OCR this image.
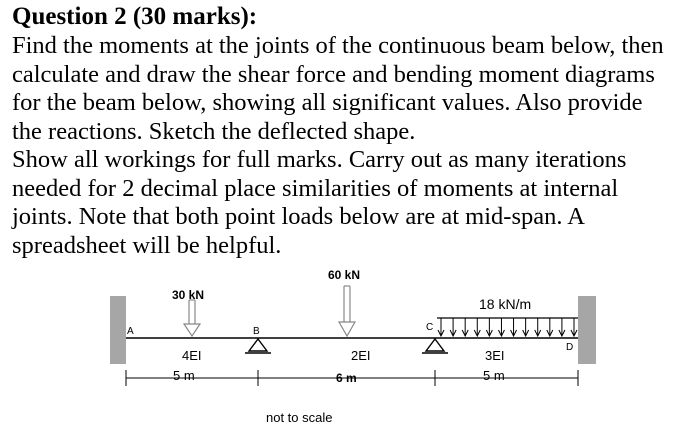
Question 2 (30 marks):

Find the moments at the joints of the continuous beam below, then

calculate and draw the shear force and bending moment diagrams

for the beam below, showing all significant values. Also provide

the reactions. Sketch the deflected shape.

Show all workings for full marks. Carry out as many iterations

needed for 2 decimal place similarities of moments at internal

joints. Note that both point loads below are at mid-span. A

spreadsheet will be helpful.

30 kN
60 kN
18 kN/m
A	B	C
D
4EI	2EI	3EI
5 m	6 m	5 m
not to scale
